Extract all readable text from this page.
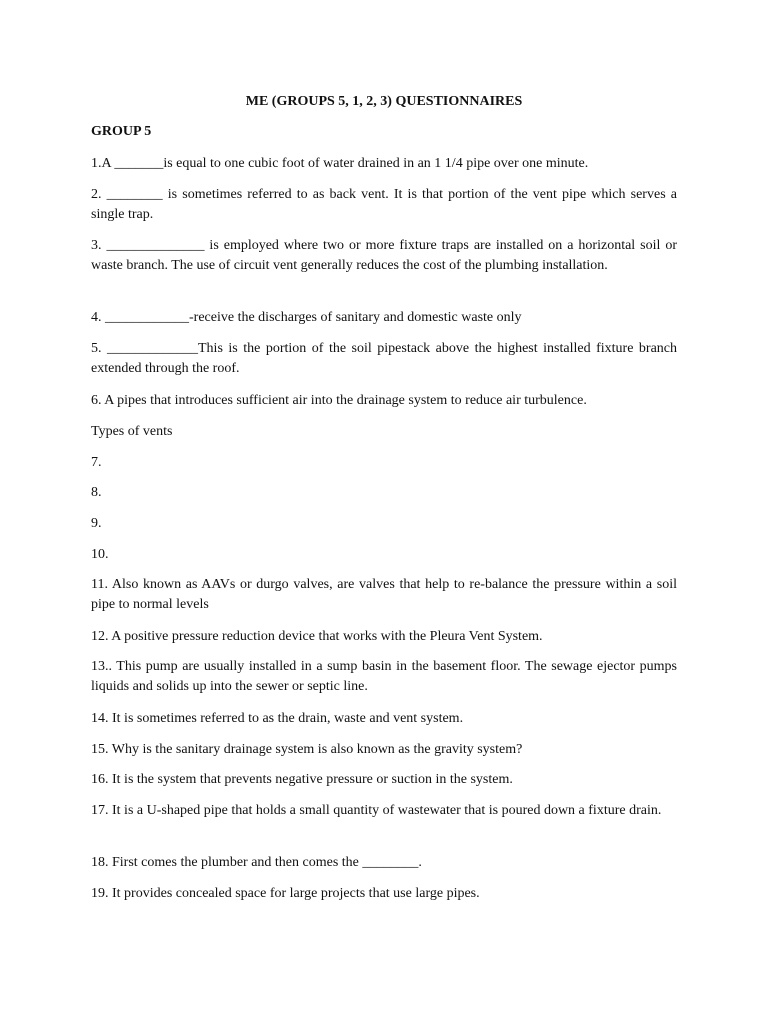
ME (GROUPS 5, 1, 2, 3) QUESTIONNAIRES
GROUP 5

1.A _______is equal to one cubic foot of water drained in an 1 1/4 pipe over one minute.

2. ________ is sometimes referred to as back vent. It is that portion of the vent pipe which serves a single trap.

3. ______________ is employed where two or more fixture traps are installed on a horizontal soil or waste branch. The use of circuit vent generally reduces the cost of the plumbing installation.

4. ____________-receive the discharges of sanitary and domestic waste only

5. _____________This is the portion of the soil pipestack above the highest installed fixture branch extended through the roof.

6. A pipes that introduces sufficient air into the drainage system to reduce air turbulence.

Types of vents

7.

8.

9.

10.

11. Also known as AAVs or durgo valves, are valves that help to re-balance the pressure within a soil pipe to normal levels

12. A positive pressure reduction device that works with the Pleura Vent System.

13.. This pump are usually installed in a sump basin in the basement floor. The sewage ejector pumps liquids and solids up into the sewer or septic line.

14. It is sometimes referred to as the drain, waste and vent system.

15. Why is the sanitary drainage system is also known as the gravity system?

16. It is the system that prevents negative pressure or suction in the system.

17. It is a U-shaped pipe that holds a small quantity of wastewater that is poured down a fixture drain.

18. First comes the plumber and then comes the ________.

19. It provides concealed space for large projects that use large pipes.
